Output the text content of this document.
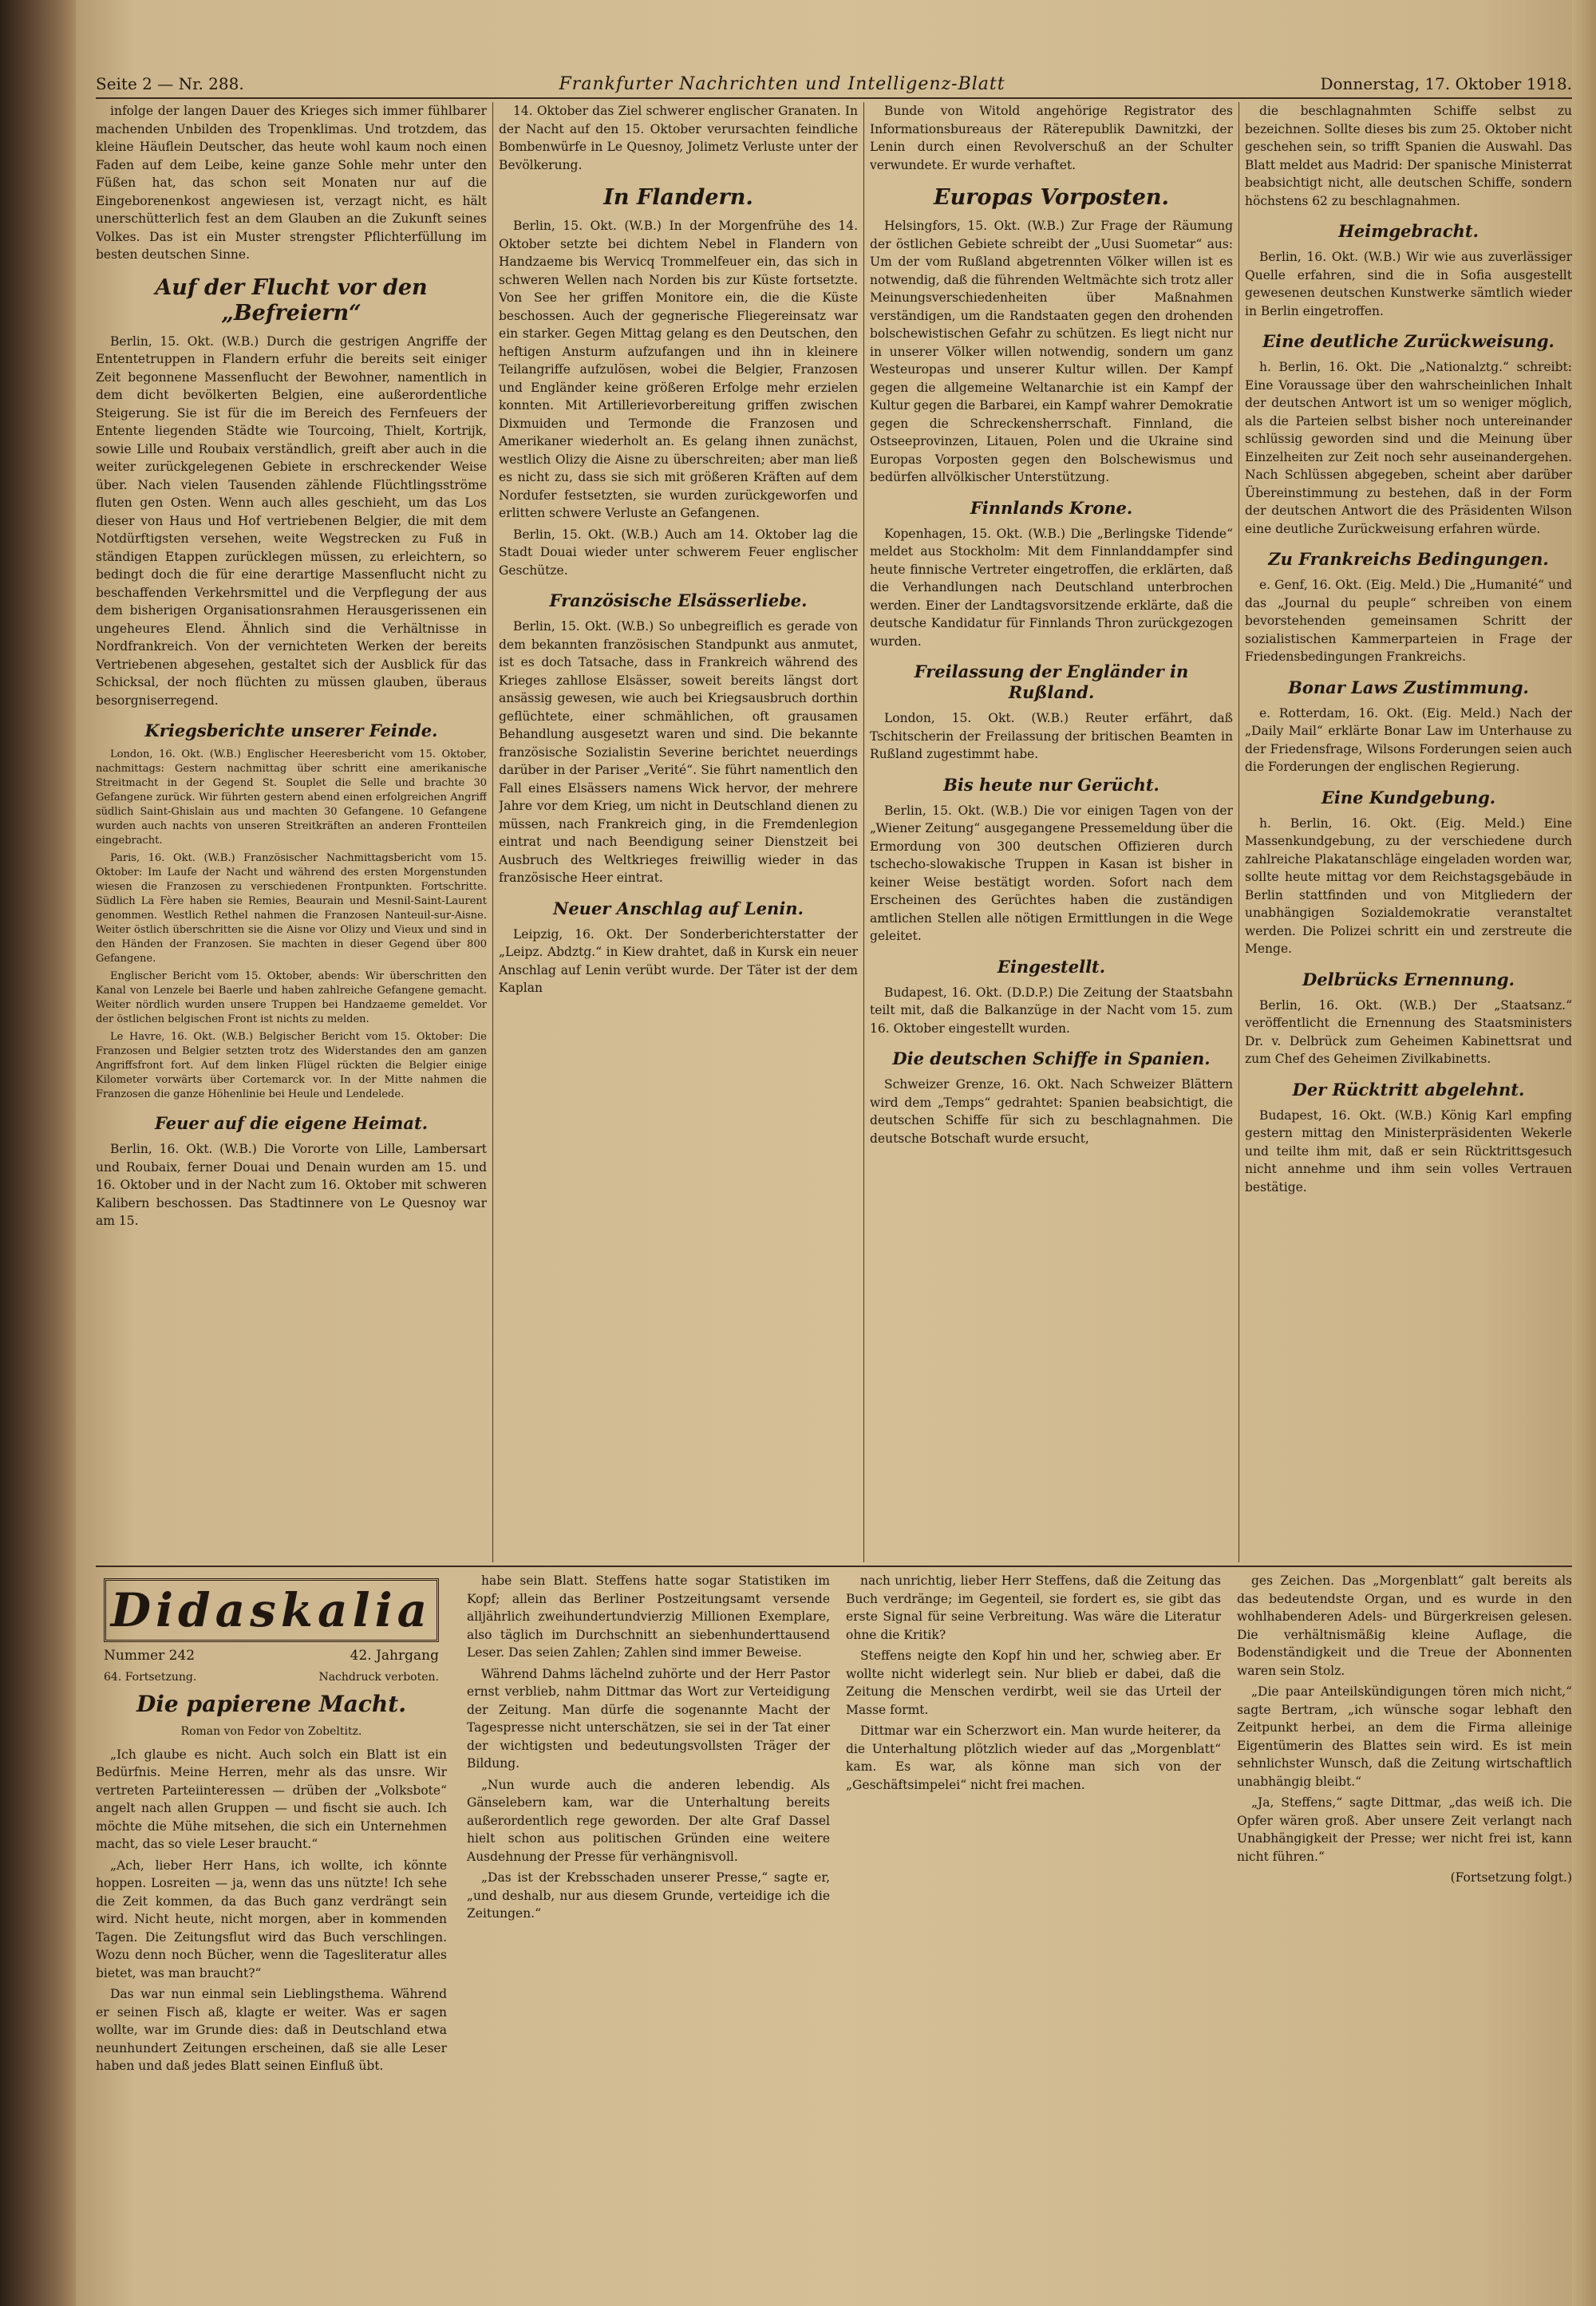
Seite 2 — Nr. 288.	Frankfurter Nachrichten und Intelligenz-Blatt	Donnerstag, 17. Oktober 1918.

infolge der langen Dauer des Krieges sich immer fühlbarer machenden Unbilden des Tropenklimas. Und trotzdem, das kleine Häuflein Deutscher, das heute wohl kaum noch einen Faden auf dem Leibe, keine ganze Sohle mehr unter den Füßen hat, das schon seit Monaten nur auf die Eingeborenenkost angewiesen ist, verzagt nicht, es hält unerschütterlich fest an dem Glauben an die Zukunft seines Volkes. Das ist ein Muster strengster Pflichterfüllung im besten deutschen Sinne.

Auf der Flucht vor den „Befreiern“

Berlin, 15. Okt. (W.B.) Durch die gestrigen Angriffe der Ententetruppen in Flandern erfuhr die bereits seit einiger Zeit begonnene Massenflucht der Bewohner, namentlich in dem dicht bevölkerten Belgien, eine außerordentliche Steigerung. Sie ist für die im Bereich des Fernfeuers der Entente liegenden Städte wie Tourcoing, Thielt, Kortrijk, sowie Lille und Roubaix verständlich, greift aber auch in die weiter zurückgelegenen Gebiete in erschreckender Weise über. Nach vielen Tausenden zählende Flüchtlingsströme fluten gen Osten. Wenn auch alles geschieht, um das Los dieser von Haus und Hof vertriebenen Belgier, die mit dem Notdürftigsten versehen, weite Wegstrecken zu Fuß in ständigen Etappen zurücklegen müssen, zu erleichtern, so bedingt doch die für eine derartige Massenflucht nicht zu beschaffenden Verkehrsmittel und die Verpflegung der aus dem bisherigen Organisationsrahmen Herausgerissenen ein ungeheures Elend. Ähnlich sind die Verhältnisse in Nordfrankreich. Von der vernichteten Werken der bereits Vertriebenen abgesehen, gestaltet sich der Ausblick für das Schicksal, der noch flüchten zu müssen glauben, überaus besorgniserregend.

Kriegsberichte unserer Feinde.

London, 16. Okt. (W.B.) Englischer Heeresbericht vom 15. Oktober, nachmittags: Gestern nachmittag über schritt eine amerikanische Streitmacht in der Gegend St. Souplet die Selle und brachte 30 Gefangene zurück. Wir führten gestern abend einen erfolgreichen Angriff südlich Saint-Ghislain aus und machten 30 Gefangene. 10 Gefangene wurden auch nachts von unseren Streitkräften an anderen Frontteilen eingebracht.

Paris, 16. Okt. (W.B.) Französischer Nachmittagsbericht vom 15. Oktober: Im Laufe der Nacht und während des ersten Morgenstunden wiesen die Franzosen zu verschiedenen Frontpunkten. Fortschritte. Südlich La Fère haben sie Remies, Beaurain und Mesnil-Saint-Laurent genommen. Westlich Rethel nahmen die Franzosen Nanteuil-sur-Aisne. Weiter östlich überschritten sie die Aisne vor Olizy und Vieux und sind in den Händen der Franzosen. Sie machten in dieser Gegend über 800 Gefangene.

Englischer Bericht vom 15. Oktober, abends: Wir überschritten den Kanal von Lenzele bei Baerle und haben zahlreiche Gefangene gemacht. Weiter nördlich wurden unsere Truppen bei Handzaeme gemeldet. Vor der östlichen belgischen Front ist nichts zu melden.

Le Havre, 16. Okt. (W.B.) Belgischer Bericht vom 15. Oktober: Die Franzosen und Belgier setzten trotz des Widerstandes den am ganzen Angriffsfront fort. Auf dem linken Flügel rückten die Belgier einige Kilometer vorwärts über Cortemarck vor. In der Mitte nahmen die Franzosen die ganze Höhenlinie bei Heule und Lendelede.

Feuer auf die eigene Heimat.

Berlin, 16. Okt. (W.B.) Die Vororte von Lille, Lambersart und Roubaix, ferner Douai und Denain wurden am 15. und 16. Oktober und in der Nacht zum 16. Oktober mit schweren Kalibern beschossen. Das Stadtinnere von Le Quesnoy war am 15.

14. Oktober das Ziel schwerer englischer Granaten. In der Nacht auf den 15. Oktober verursachten feindliche Bombenwürfe in Le Quesnoy, Jolimetz Verluste unter der Bevölkerung.

In Flandern.

Berlin, 15. Okt. (W.B.) In der Morgenfrühe des 14. Oktober setzte bei dichtem Nebel in Flandern von Handzaeme bis Wervicq Trommelfeuer ein, das sich in schweren Wellen nach Norden bis zur Küste fortsetzte. Von See her griffen Monitore ein, die die Küste beschossen. Auch der gegnerische Fliegereinsatz war ein starker. Gegen Mittag gelang es den Deutschen, den heftigen Ansturm aufzufangen und ihn in kleinere Teilangriffe aufzulösen, wobei die Belgier, Franzosen und Engländer keine größeren Erfolge mehr erzielen konnten. Mit Artillerievorbereitung griffen zwischen Dixmuiden und Termonde die Franzosen und Amerikaner wiederholt an. Es gelang ihnen zunächst, westlich Olizy die Aisne zu überschreiten; aber man ließ es nicht zu, dass sie sich mit größeren Kräften auf dem Nordufer festsetzten, sie wurden zurückgeworfen und erlitten schwere Verluste an Gefangenen.

Berlin, 15. Okt. (W.B.) Auch am 14. Oktober lag die Stadt Douai wieder unter schwerem Feuer englischer Geschütze.

Französische Elsässerliebe.

Berlin, 15. Okt. (W.B.) So unbegreiflich es gerade von dem bekannten französischen Standpunkt aus anmutet, ist es doch Tatsache, dass in Frankreich während des Krieges zahllose Elsässer, soweit bereits längst dort ansässig gewesen, wie auch bei Kriegsausbruch dorthin geflüchtete, einer schmählichen, oft grausamen Behandlung ausgesetzt waren und sind. Die bekannte französische Sozialistin Severine berichtet neuerdings darüber in der Pariser „Verité“. Sie führt namentlich den Fall eines Elsässers namens Wick hervor, der mehrere Jahre vor dem Krieg, um nicht in Deutschland dienen zu müssen, nach Frankreich ging, in die Fremdenlegion eintrat und nach Beendigung seiner Dienstzeit bei Ausbruch des Weltkrieges freiwillig wieder in das französische Heer eintrat.

Neuer Anschlag auf Lenin.

Leipzig, 16. Okt. Der Sonderberichterstatter der „Leipz. Abdztg.“ in Kiew drahtet, daß in Kursk ein neuer Anschlag auf Lenin verübt wurde. Der Täter ist der dem Kaplan

Bunde von Witold angehörige Registrator des Informationsbureaus der Räterepublik Dawnitzki, der Lenin durch einen Revolverschuß an der Schulter verwundete. Er wurde verhaftet.

Europas Vorposten.

Helsingfors, 15. Okt. (W.B.) Zur Frage der Räumung der östlichen Gebiete schreibt der „Uusi Suometar“ aus: Um der vom Rußland abgetrennten Völker willen ist es notwendig, daß die führenden Weltmächte sich trotz aller Meinungsverschiedenheiten über Maßnahmen verständigen, um die Randstaaten gegen den drohenden bolschewistischen Gefahr zu schützen. Es liegt nicht nur in unserer Völker willen notwendig, sondern um ganz Westeuropas und unserer Kultur willen. Der Kampf gegen die allgemeine Weltanarchie ist ein Kampf der Kultur gegen die Barbarei, ein Kampf wahrer Demokratie gegen die Schreckensherrschaft. Finnland, die Ostseeprovinzen, Litauen, Polen und die Ukraine sind Europas Vorposten gegen den Bolschewismus und bedürfen allvölkischer Unterstützung.

Finnlands Krone.

Kopenhagen, 15. Okt. (W.B.) Die „Berlingske Tidende“ meldet aus Stockholm: Mit dem Finnlanddampfer sind heute finnische Vertreter eingetroffen, die erklärten, daß die Verhandlungen nach Deutschland unterbrochen werden. Einer der Landtagsvorsitzende erklärte, daß die deutsche Kandidatur für Finnlands Thron zurückgezogen wurden.

Freilassung der Engländer in Rußland.

London, 15. Okt. (W.B.) Reuter erfährt, daß Tschitscherin der Freilassung der britischen Beamten in Rußland zugestimmt habe.

Bis heute nur Gerücht.

Berlin, 15. Okt. (W.B.) Die vor einigen Tagen von der „Wiener Zeitung“ ausgegangene Pressemeldung über die Ermordung von 300 deutschen Offizieren durch tschecho-slowakische Truppen in Kasan ist bisher in keiner Weise bestätigt worden. Sofort nach dem Erscheinen des Gerüchtes haben die zuständigen amtlichen Stellen alle nötigen Ermittlungen in die Wege geleitet.

Eingestellt.

Budapest, 16. Okt. (D.D.P.) Die Zeitung der Staatsbahn teilt mit, daß die Balkanzüge in der Nacht vom 15. zum 16. Oktober eingestellt wurden.

Die deutschen Schiffe in Spanien.

Schweizer Grenze, 16. Okt. Nach Schweizer Blättern wird dem „Temps“ gedrahtet: Spanien beabsichtigt, die deutschen Schiffe für sich zu beschlagnahmen. Die deutsche Botschaft wurde ersucht,

die beschlagnahmten Schiffe selbst zu bezeichnen. Sollte dieses bis zum 25. Oktober nicht geschehen sein, so trifft Spanien die Auswahl. Das Blatt meldet aus Madrid: Der spanische Ministerrat beabsichtigt nicht, alle deutschen Schiffe, sondern höchstens 62 zu beschlagnahmen.

Heimgebracht.

Berlin, 16. Okt. (W.B.) Wir wie aus zuverlässiger Quelle erfahren, sind die in Sofia ausgestellt gewesenen deutschen Kunstwerke sämtlich wieder in Berlin eingetroffen.

Eine deutliche Zurückweisung.

h. Berlin, 16. Okt. Die „Nationalztg.“ schreibt: Eine Voraussage über den wahrscheinlichen Inhalt der deutschen Antwort ist um so weniger möglich, als die Parteien selbst bisher noch untereinander schlüssig geworden sind und die Meinung über Einzelheiten zur Zeit noch sehr auseinandergehen. Nach Schlüssen abgegeben, scheint aber darüber Übereinstimmung zu bestehen, daß in der Form der deutschen Antwort die des Präsidenten Wilson eine deutliche Zurückweisung erfahren würde.

Zu Frankreichs Bedingungen.

e. Genf, 16. Okt. (Eig. Meld.) Die „Humanité“ und das „Journal du peuple“ schreiben von einem bevorstehenden gemeinsamen Schritt der sozialistischen Kammerparteien in Frage der Friedensbedingungen Frankreichs.

Bonar Laws Zustimmung.

e. Rotterdam, 16. Okt. (Eig. Meld.) Nach der „Daily Mail“ erklärte Bonar Law im Unterhause zu der Friedensfrage, Wilsons Forderungen seien auch die Forderungen der englischen Regierung.

Eine Kundgebung.

h. Berlin, 16. Okt. (Eig. Meld.) Eine Massenkundgebung, zu der verschiedene durch zahlreiche Plakatanschläge eingeladen worden war, sollte heute mittag vor dem Reichstagsgebäude in Berlin stattfinden und von Mitgliedern der unabhängigen Sozialdemokratie veranstaltet werden. Die Polizei schritt ein und zerstreute die Menge.

Delbrücks Ernennung.

Berlin, 16. Okt. (W.B.) Der „Staatsanz.“ veröffentlicht die Ernennung des Staatsministers Dr. v. Delbrück zum Geheimen Kabinettsrat und zum Chef des Geheimen Zivilkabinetts.

Der Rücktritt abgelehnt.

Budapest, 16. Okt. (W.B.) König Karl empfing gestern mittag den Ministerpräsidenten Wekerle und teilte ihm mit, daß er sein Rücktrittsgesuch nicht annehme und ihm sein volles Vertrauen bestätige.

Didaskalia
Nummer 242	42. Jahrgang
64. Fortsetzung.	Nachdruck verboten.
Die papierene Macht.
Roman von Fedor von Zobeltitz.

„Ich glaube es nicht. Auch solch ein Blatt ist ein Bedürfnis. Meine Herren, mehr als das unsre. Wir vertreten Parteiinteressen — drüben der „Volksbote“ angelt nach allen Gruppen — und fischt sie auch. Ich möchte die Mühe mitsehen, die sich ein Unternehmen macht, das so viele Leser braucht.“

„Ach, lieber Herr Hans, ich wollte, ich könnte hoppen. Losreiten — ja, wenn das uns nützte! Ich sehe die Zeit kommen, da das Buch ganz verdrängt sein wird. Nicht heute, nicht morgen, aber in kommenden Tagen. Die Zeitungsflut wird das Buch verschlingen. Wozu denn noch Bücher, wenn die Tagesliteratur alles bietet, was man braucht?“

Das war nun einmal sein Lieblingsthema. Während er seinen Fisch aß, klagte er weiter. Was er sagen wollte, war im Grunde dies: daß in Deutschland etwa neunhundert Zeitungen erscheinen, daß sie alle Leser haben und daß jedes Blatt seinen Einfluß übt.

habe sein Blatt. Steffens hatte sogar Statistiken im Kopf; allein das Berliner Postzeitungsamt versende alljährlich zweihundertundvierzig Millionen Exemplare, also täglich im Durchschnitt an siebenhunderttausend Leser. Das seien Zahlen; Zahlen sind immer Beweise.

Während Dahms lächelnd zuhörte und der Herr Pastor ernst verblieb, nahm Dittmar das Wort zur Verteidigung der Zeitung. Man dürfe die sogenannte Macht der Tagespresse nicht unterschätzen, sie sei in der Tat einer der wichtigsten und bedeutungsvollsten Träger der Bildung.

„Nun wurde auch die anderen lebendig. Als Gänselebern kam, war die Unterhaltung bereits außerordentlich rege geworden. Der alte Graf Dassel hielt schon aus politischen Gründen eine weitere Ausdehnung der Presse für verhängnisvoll.

„Das ist der Krebsschaden unserer Presse,“ sagte er, „und deshalb, nur aus diesem Grunde, verteidige ich die Zeitungen.“

nach unrichtig, lieber Herr Steffens, daß die Zeitung das Buch verdränge; im Gegenteil, sie fordert es, sie gibt das erste Signal für seine Verbreitung. Was wäre die Literatur ohne die Kritik?

Steffens neigte den Kopf hin und her, schwieg aber. Er wollte nicht widerlegt sein. Nur blieb er dabei, daß die Zeitung die Menschen verdirbt, weil sie das Urteil der Masse formt.

Dittmar war ein Scherzwort ein. Man wurde heiterer, da die Unterhaltung plötzlich wieder auf das „Morgenblatt“ kam. Es war, als könne man sich von der „Geschäftsimpelei“ nicht frei machen.

ges Zeichen. Das „Morgenblatt“ galt bereits als das bedeutendste Organ, und es wurde in den wohlhabenderen Adels- und Bürgerkreisen gelesen. Die verhältnismäßig kleine Auflage, die Bodenständigkeit und die Treue der Abonnenten waren sein Stolz.

„Die paar Anteilskündigungen tören mich nicht,“ sagte Bertram, „ich wünsche sogar lebhaft den Zeitpunkt herbei, an dem die Firma alleinige Eigentümerin des Blattes sein wird. Es ist mein sehnlichster Wunsch, daß die Zeitung wirtschaftlich unabhängig bleibt.“

„Ja, Steffens,“ sagte Dittmar, „das weiß ich. Die Opfer wären groß. Aber unsere Zeit verlangt nach Unabhängigkeit der Presse; wer nicht frei ist, kann nicht führen.“

(Fortsetzung folgt.)
